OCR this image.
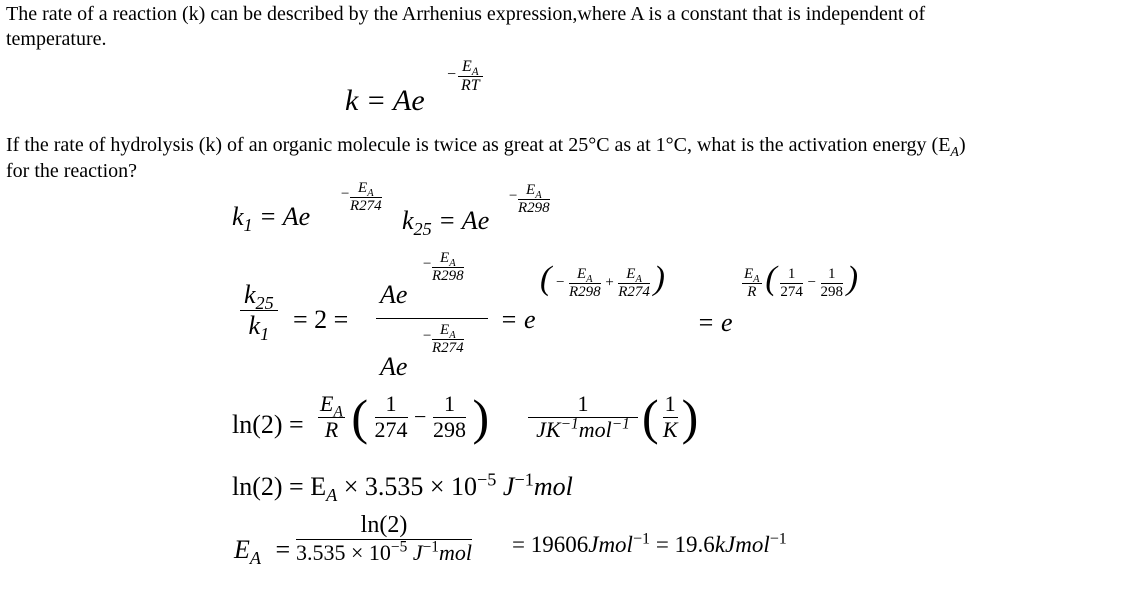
The rate of a reaction (k) can be described by the Arrhenius expression,where A is a constant that is independent of
temperature.
k = Ae
− $E_A$
RT
If the rate of hydrolysis (k) of an organic molecule is twice as great at 25°C as at 1°C, what is the activation energy $(E_A)$
for the reaction?
$k_1 = Ae$
− $E_A$
R274 $k_{25} = Ae$
− $E_A$
R298
$\frac{k_{25}}{k_1} = 2$ =
Ae
− $E_A$
R298
Ae
− $E_A$
R274
= e
( − $\frac{E_A}{R298} + \frac{E_A}{R274}$ )
= e
$\frac{E_A}{R}$ ( $\frac{1}{274} - \frac{1}{298}$ )
$\ln(2) = \frac{E_A}{R}$ ( $\frac{1}{274} - \frac{1}{298}$ ) $\frac{1}{JK^{-1}mol^{-1}}$ ( $\frac{1}{K}$ )
$\ln(2) = E_A \times 3.535 \times 10^{-5}$ $J^{-1}mol$
$E_A$ =
ln(2)
$3.535 \times 10^{-5}$ $J^{-1}mol$ = 19606Jmol$^{-1}$ = 19.6kJmol$^{-1}$
